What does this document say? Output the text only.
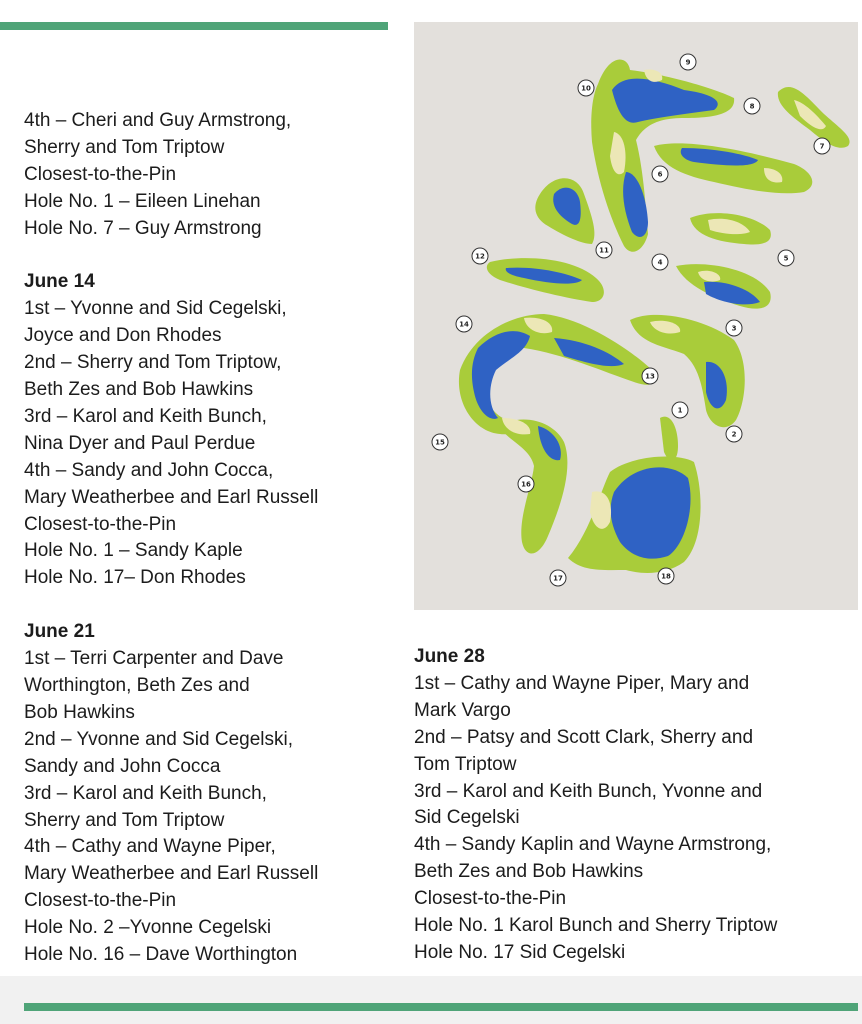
4th – Cheri and Guy Armstrong,
Sherry and Tom Triptow
Closest-to-the-Pin
Hole No. 1 – Eileen Linehan
Hole No. 7 – Guy Armstrong
June 14
1st – Yvonne and Sid Cegelski,
Joyce and Don Rhodes
2nd – Sherry and Tom Triptow,
Beth Zes and Bob Hawkins
3rd – Karol and Keith Bunch,
Nina Dyer and Paul Perdue
4th – Sandy and John Cocca,
Mary Weatherbee and Earl Russell
Closest-to-the-Pin
Hole No. 1 – Sandy Kaple
Hole No. 17– Don Rhodes
June 21
1st – Terri Carpenter and Dave
Worthington, Beth Zes and
Bob Hawkins
2nd – Yvonne and Sid Cegelski,
Sandy and John Cocca
3rd – Karol and Keith Bunch,
Sherry and Tom Triptow
4th – Cathy and Wayne Piper,
Mary Weatherbee and Earl Russell
Closest-to-the-Pin
Hole No. 2 –Yvonne Cegelski
Hole No. 16 – Dave Worthington
1
2
3
4	5
6
7
8
9
10
11
12
13
14
15
16
17	18
June 28
1st – Cathy and Wayne Piper, Mary and
Mark Vargo
2nd – Patsy and Scott Clark, Sherry and
Tom Triptow
3rd – Karol and Keith Bunch, Yvonne and
Sid Cegelski
4th – Sandy Kaplin and Wayne Armstrong,
Beth Zes and Bob Hawkins
Closest-to-the-Pin
Hole No. 1 Karol Bunch and Sherry Triptow
Hole No. 17 Sid Cegelski
